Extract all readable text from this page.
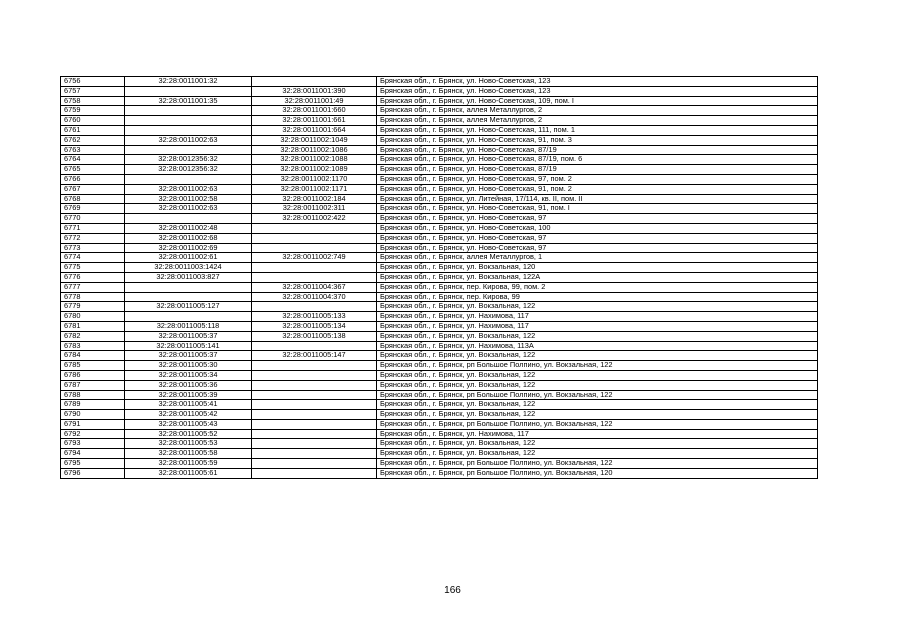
6756	32:28:0011001:32		Брянская обл., г. Брянск, ул. Ново-Советская, 123
6757		32:28:0011001:390	Брянская обл., г. Брянск, ул. Ново-Советская, 123
6758	32:28:0011001:35	32:28:0011001:49	Брянская обл., г. Брянск, ул. Ново-Советская, 109, пом. I
6759		32:28:0011001:660	Брянская обл., г. Брянск, аллея Металлургов, 2
6760		32:28:0011001:661	Брянская обл., г. Брянск, аллея Металлургов, 2
6761		32:28:0011001:664	Брянская обл., г. Брянск, ул. Ново-Советская, 111, пом. 1
6762	32:28:0011002:63	32:28:0011002:1049	Брянская обл., г. Брянск, ул. Ново-Советская, 91, пом. 3
6763		32:28:0011002:1086	Брянская обл., г. Брянск, ул. Ново-Советская, 87/19
6764	32:28:0012356:32	32:28:0011002:1088	Брянская обл., г. Брянск, ул. Ново-Советская, 87/19, пом. 6
6765	32:28:0012356:32	32:28:0011002:1089	Брянская обл., г. Брянск, ул. Ново-Советская, 87/19
6766		32:28:0011002:1170	Брянская обл., г. Брянск, ул. Ново-Советская, 97, пом. 2
6767	32:28:0011002:63	32:28:0011002:1171	Брянская обл., г. Брянск, ул. Ново-Советская, 91, пом. 2
6768	32:28:0011002:58	32:28:0011002:184	Брянская обл., г. Брянск, ул. Литейная, 17/114, кв. II, пом. II
6769	32:28:0011002:63	32:28:0011002:311	Брянская обл., г. Брянск, ул. Ново-Советская, 91, пом. I
6770		32:28:0011002:422	Брянская обл., г. Брянск, ул. Ново-Советская, 97
6771	32:28:0011002:48		Брянская обл., г. Брянск, ул. Ново-Советская, 100
6772	32:28:0011002:68		Брянская обл., г. Брянск, ул. Ново-Советская, 97
6773	32:28:0011002:69		Брянская обл., г. Брянск, ул. Ново-Советская, 97
6774	32:28:0011002:61	32:28:0011002:749	Брянская обл., г. Брянск, аллея Металлургов, 1
6775	32:28:0011003:1424		Брянская обл., г. Брянск, ул. Вокзальная, 120
6776	32:28:0011003:827		Брянская обл., г. Брянск, ул. Вокзальная, 122А
6777		32:28:0011004:367	Брянская обл., г. Брянск, пер. Кирова, 99, пом. 2
6778		32:28:0011004:370	Брянская обл., г. Брянск, пер. Кирова, 99
6779	32:28:0011005:127		Брянская обл., г. Брянск, ул. Вокзальная, 122
6780		32:28:0011005:133	Брянская обл., г. Брянск, ул. Нахимова, 117
6781	32:28:0011005:118	32:28:0011005:134	Брянская обл., г. Брянск, ул. Нахимова, 117
6782	32:28:0011005:37	32:28:0011005:138	Брянская обл., г. Брянск, ул. Вокзальная, 122
6783	32:28:0011005:141		Брянская обл., г. Брянск, ул. Нахимова, 113А
6784	32:28:0011005:37	32:28:0011005:147	Брянская обл., г. Брянск, ул. Вокзальная, 122
6785	32:28:0011005:30		Брянская обл., г. Брянск, рп Большое Полпино, ул. Вокзальная, 122
6786	32:28:0011005:34		Брянская обл., г. Брянск, ул. Вокзальная, 122
6787	32:28:0011005:36		Брянская обл., г. Брянск, ул. Вокзальная, 122
6788	32:28:0011005:39		Брянская обл., г. Брянск, рп Большое Полпино, ул. Вокзальная, 122
6789	32:28:0011005:41		Брянская обл., г. Брянск, ул. Вокзальная, 122
6790	32:28:0011005:42		Брянская обл., г. Брянск, ул. Вокзальная, 122
6791	32:28:0011005:43		Брянская обл., г. Брянск, рп Большое Полпино, ул. Вокзальная, 122
6792	32:28:0011005:52		Брянская обл., г. Брянск, ул. Нахимова, 117
6793	32:28:0011005:53		Брянская обл., г. Брянск, ул. Вокзальная, 122
6794	32:28:0011005:58		Брянская обл., г. Брянск, ул. Вокзальная, 122
6795	32:28:0011005:59		Брянская обл., г. Брянск, рп Большое Полпино, ул. Вокзальная, 122
6796	32:28:0011005:61		Брянская обл., г. Брянск, рп Большое Полпино, ул. Вокзальная, 120
166
